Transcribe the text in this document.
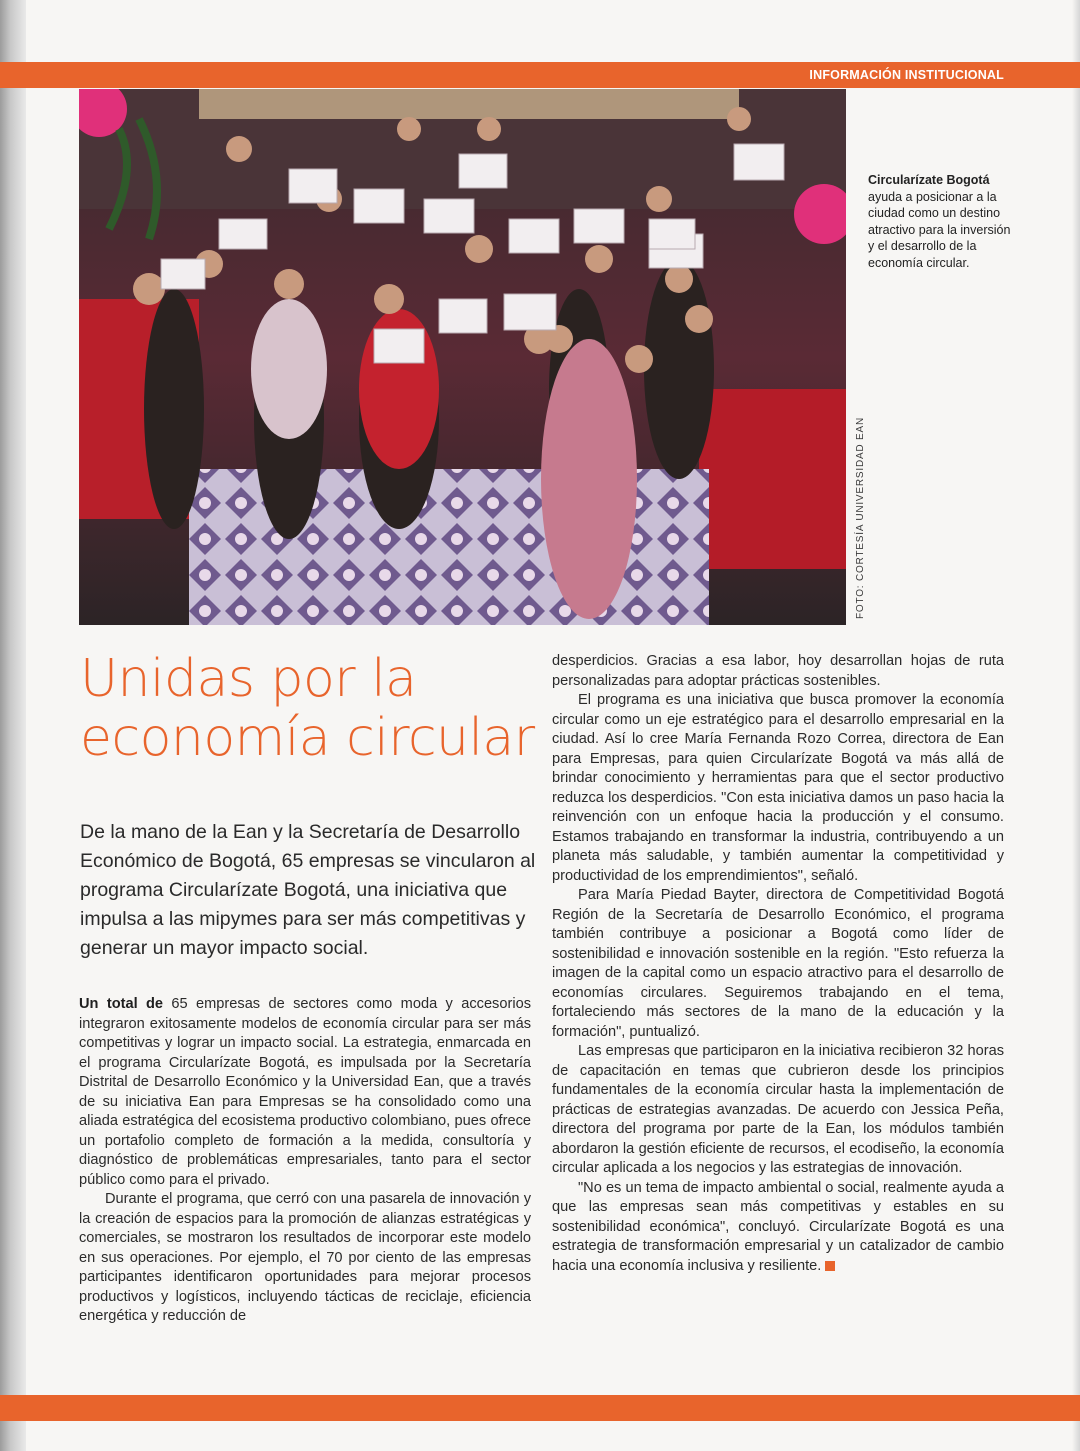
INFORMACIÓN INSTITUCIONAL
FOTO: CORTESÍA UNIVERSIDAD EAN
Circularízate Bogotá ayuda a posicionar a la ciudad como un destino atractivo para la inversión y el desarrollo de la economía circular.
Unidas por la
economía circular
De la mano de la Ean y la Secretaría de Desarrollo Económico de Bogotá, 65 empresas se vincularon al programa Circularízate Bogotá, una iniciativa que impulsa a las mipymes para ser más competitivas y generar un mayor impacto social.

Un total de 65 empresas de sectores como moda y accesorios integraron exitosamente modelos de economía circular para ser más competitivas y lograr un impacto social. La estrategia, enmarcada en el programa Circularízate Bogotá, es impulsada por la Secretaría Distrital de Desarrollo Económico y la Universidad Ean, que a través de su iniciativa Ean para Empresas se ha consolidado como una aliada estratégica del ecosistema productivo colombiano, pues ofrece un portafolio completo de formación a la medida, consultoría y diagnóstico de problemáticas empresariales, tanto para el sector público como para el privado.

Durante el programa, que cerró con una pasarela de innovación y la creación de espacios para la promoción de alianzas estratégicas y comerciales, se mostraron los resultados de incorporar este modelo en sus operaciones. Por ejemplo, el 70 por ciento de las empresas participantes identificaron oportunidades para mejorar procesos productivos y logísticos, incluyendo tácticas de reciclaje, eficiencia energética y reducción de

desperdicios. Gracias a esa labor, hoy desarrollan hojas de ruta personalizadas para adoptar prácticas sostenibles.

El programa es una iniciativa que busca promover la economía circular como un eje estratégico para el desarrollo empresarial en la ciudad. Así lo cree María Fernanda Rozo Correa, directora de Ean para Empresas, para quien Circularízate Bogotá va más allá de brindar conocimiento y herramientas para que el sector productivo reduzca los desperdicios. "Con esta iniciativa damos un paso hacia la reinvención con un enfoque hacia la producción y el consumo. Estamos trabajando en transformar la industria, contribuyendo a un planeta más saludable, y también aumentar la competitividad y productividad de los emprendimientos", señaló.

Para María Piedad Bayter, directora de Competitividad Bogotá Región de la Secretaría de Desarrollo Económico, el programa también contribuye a posicionar a Bogotá como líder de sostenibilidad e innovación sostenible en la región. "Esto refuerza la imagen de la capital como un espacio atractivo para el desarrollo de economías circulares. Seguiremos trabajando en el tema, fortaleciendo más sectores de la mano de la educación y la formación", puntualizó.

Las empresas que participaron en la iniciativa recibieron 32 horas de capacitación en temas que cubrieron desde los principios fundamentales de la economía circular hasta la implementación de prácticas de estrategias avanzadas. De acuerdo con Jessica Peña, directora del programa por parte de la Ean, los módulos también abordaron la gestión eficiente de recursos, el ecodiseño, la economía circular aplicada a los negocios y las estrategias de innovación.

"No es un tema de impacto ambiental o social, realmente ayuda a que las empresas sean más competitivas y estables en su sostenibilidad económica", concluyó. Circularízate Bogotá es una estrategia de transformación empresarial y un catalizador de cambio hacia una economía inclusiva y resiliente.
